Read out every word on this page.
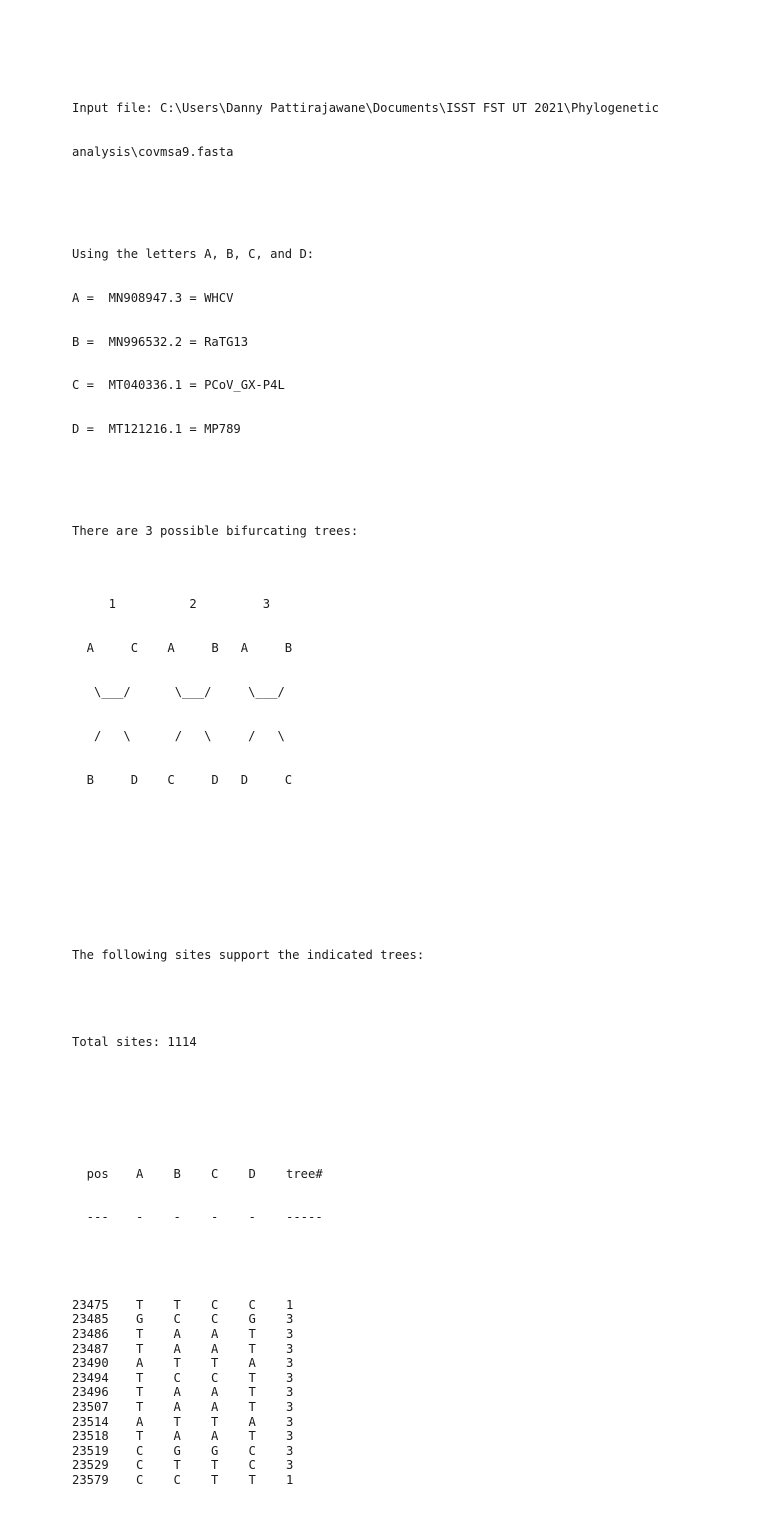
Input file: C:\Users\Danny Pattirajawane\Documents\ISST FST UT 2021\Phylogenetic

analysis\covmsa9.fasta

Using the letters A, B, C, and D:

A =  MN908947.3 = WHCV

B =  MN996532.2 = RaTG13

C =  MT040336.1 = PCoV_GX-P4L

D =  MT121216.1 = MP789

There are 3 possible bifurcating trees:

1          2         3

A     C    A     B   A     B

\___/      \___/     \___/

/   \      /   \     /   \

B     D    C     D   D     C

The following sites support the indicated trees:

Total sites: 1114

pos A B C D tree#

--- - - - - -----

23475 T T C C 1
23485 G C C G 3
23486 T A A T 3
23487 T A A T 3
23490 A T T A 3
23494 T C C T 3
23496 T A A T 3
23507 T A A T 3
23514 A T T A 3
23518 T A A T 3
23519 C G G C 3
23529 C T T C 3
23579 C C T T 1
